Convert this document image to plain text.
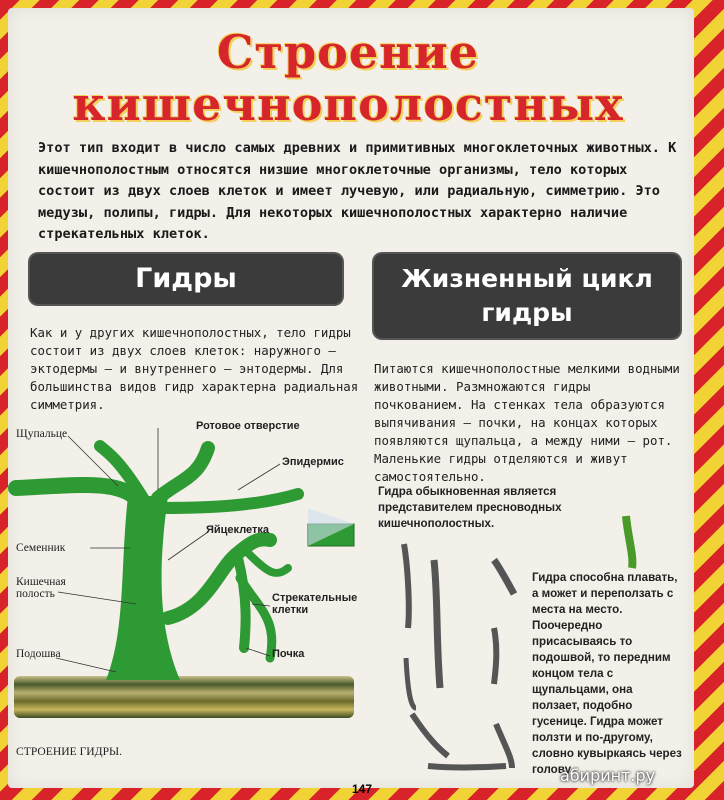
Строение
кишечнополостных
Этот тип входит в число самых древних и примитивных многоклеточных животных. К кишечнополостным относятся низшие многоклеточные организмы, тело которых состоит из двух слоев клеток и имеет лучевую, или радиальную, симметрию. Это медузы, полипы, гидры. Для некоторых кишечнополостных характерно наличие стрекательных клеток.
Гидры	Жизненный цикл гидры
Как и у других кишечнополостных, тело гидры состоит из двух слоев клеток: наружного — эктодермы — и внутреннего — энтодермы. Для большинства видов гидр характерна радиальная симметрия.
Питаются кишечнополостные мелкими водными животными. Размножаются гидры почкованием. На стенках тела образуются выпячивания — почки, на концах которых появляются щупальца, а между ними — рот. Маленькие гидры отделяются и живут самостоятельно.
Щупальце
Ротовое отверстие
Эпидермис
Семенник
Яйцеклетка
Кишечная полость	Стрекательные клетки
Подошва	Почка
СТРОЕНИЕ ГИДРЫ.
Гидра обыкновенная является представителем пресноводных кишечнополостных.
Гидра способна плавать, а может и переползать с места на место. Поочередно присасываясь то подошвой, то передним концом тела с щупальцами, она ползает, подобно гусенице. Гидра может ползти и по-другому, словно кувыркаясь через голову.
147
абиринт.ру
